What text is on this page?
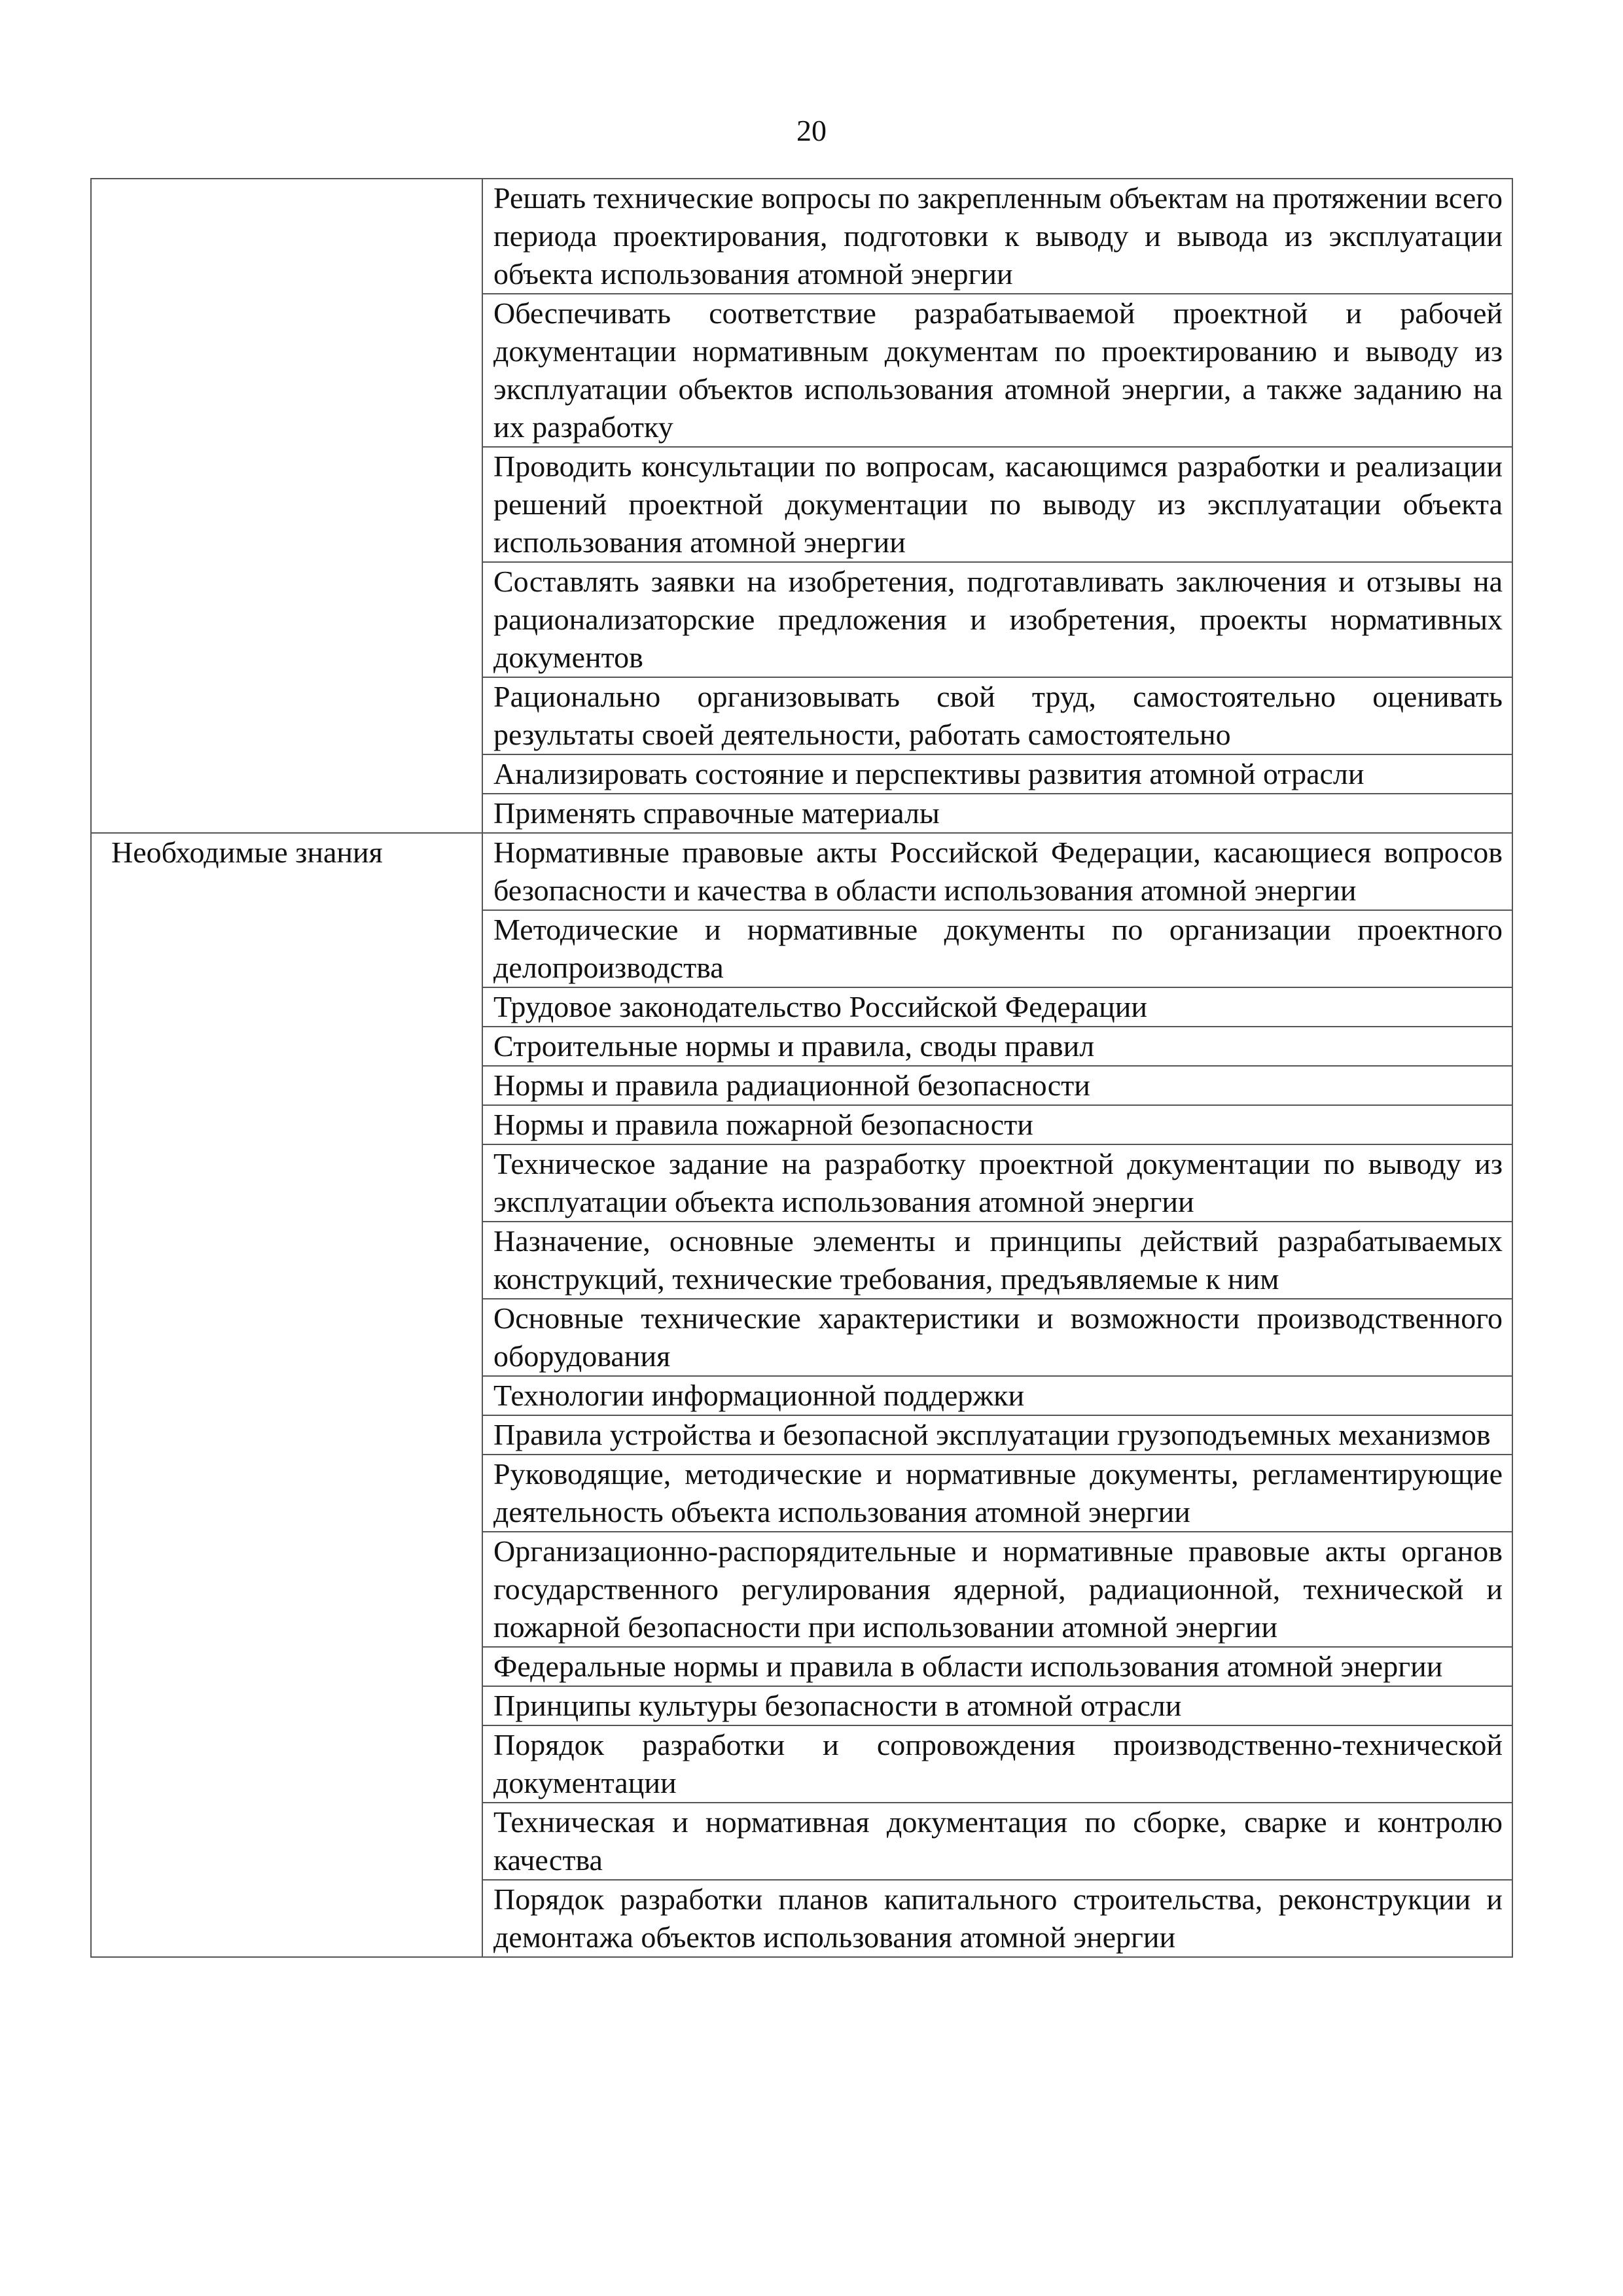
20
	Решать технические вопросы по закрепленным объектам на протяжении всего периода проектирования, подготовки к выводу и вывода из эксплуатации объекта использования атомной энергии
	Обеспечивать соответствие разрабатываемой проектной и рабочей документации нормативным документам по проектированию и выводу из эксплуатации объектов использования атомной энергии, а также заданию на их разработку
	Проводить консультации по вопросам, касающимся разработки и реализации решений проектной документации по выводу из эксплуатации объекта использования атомной энергии
	Составлять заявки на изобретения, подготавливать заключения и отзывы на рационализаторские предложения и изобретения, проекты нормативных документов
	Рационально организовывать свой труд, самостоятельно оценивать результаты своей деятельности, работать самостоятельно
	Анализировать состояние и перспективы развития атомной отрасли
	Применять справочные материалы
Необходимые знания	Нормативные правовые акты Российской Федерации, касающиеся вопросов безопасности и качества в области использования атомной энергии
	Методические и нормативные документы по организации проектного делопроизводства
	Трудовое законодательство Российской Федерации
	Строительные нормы и правила, своды правил
	Нормы и правила радиационной безопасности
	Нормы и правила пожарной безопасности
	Техническое задание на разработку проектной документации по выводу из эксплуатации объекта использования атомной энергии
	Назначение, основные элементы и принципы действий разрабатываемых конструкций, технические требования, предъявляемые к ним
	Основные технические характеристики и возможности производственного оборудования
	Технологии информационной поддержки
	Правила устройства и безопасной эксплуатации грузоподъемных механизмов
	Руководящие, методические и нормативные документы, регламентирующие деятельность объекта использования атомной энергии
	Организационно-распорядительные и нормативные правовые акты органов государственного регулирования ядерной, радиационной, технической и пожарной безопасности при использовании атомной энергии
	Федеральные нормы и правила в области использования атомной энергии
	Принципы культуры безопасности в атомной отрасли
	Порядок разработки и сопровождения производственно-технической документации
	Техническая и нормативная документация по сборке, сварке и контролю качества
	Порядок разработки планов капитального строительства, реконструкции и демонтажа объектов использования атомной энергии
